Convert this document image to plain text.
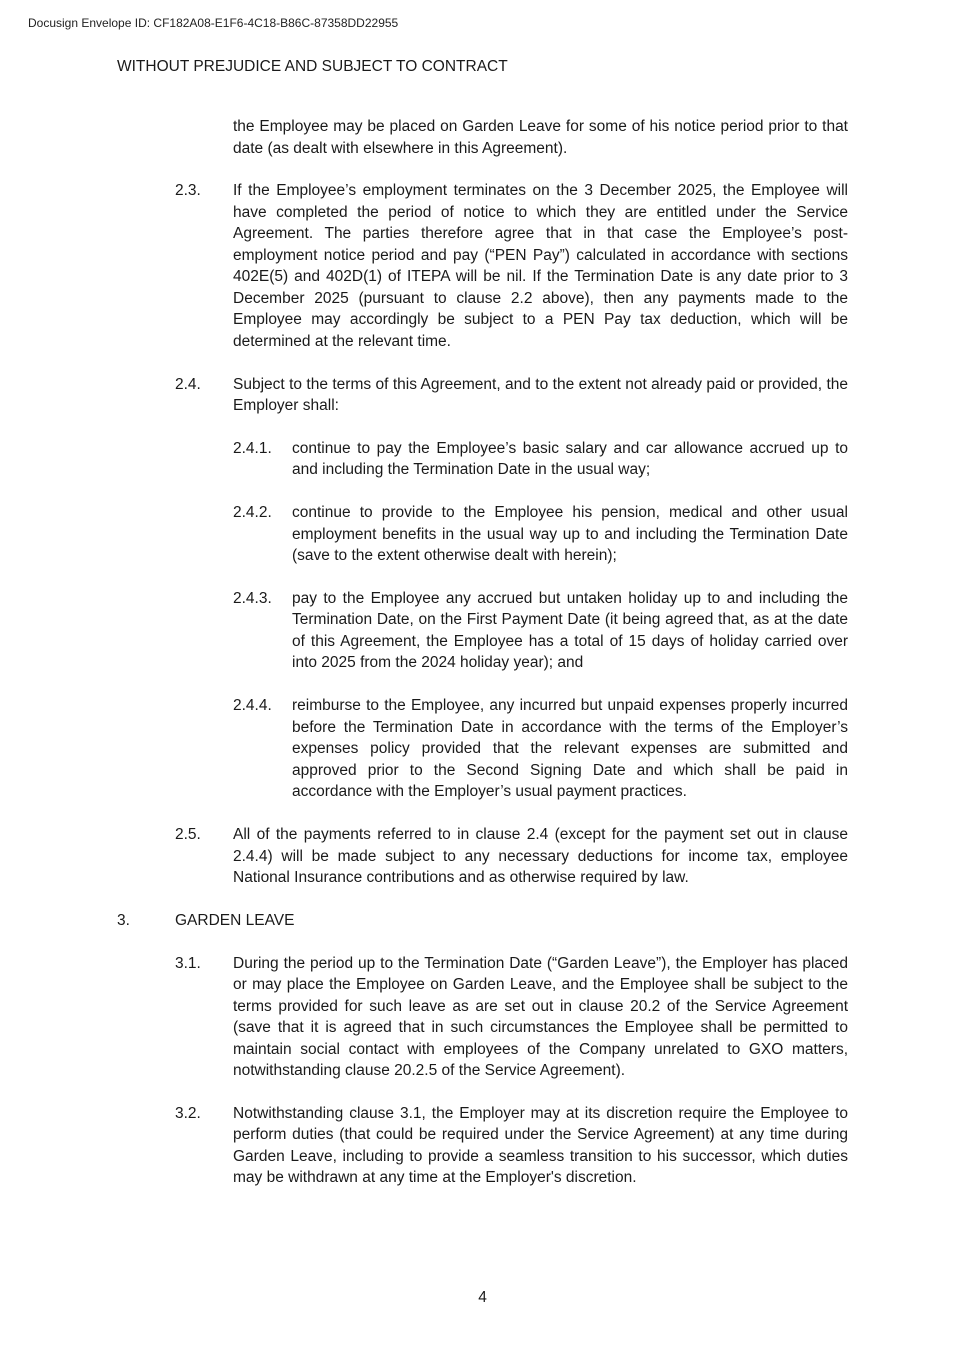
Docusign Envelope ID: CF182A08-E1F6-4C18-B86C-87358DD22955
WITHOUT PREJUDICE AND SUBJECT TO CONTRACT
the Employee may be placed on Garden Leave for some of his notice period prior to that date (as dealt with elsewhere in this Agreement).
2.3. If the Employee’s employment terminates on the 3 December 2025, the Employee will have completed the period of notice to which they are entitled under the Service Agreement. The parties therefore agree that in that case the Employee’s post-employment notice period and pay (“PEN Pay”) calculated in accordance with sections 402E(5) and 402D(1) of ITEPA will be nil. If the Termination Date is any date prior to 3 December 2025 (pursuant to clause 2.2 above), then any payments made to the Employee may accordingly be subject to a PEN Pay tax deduction, which will be determined at the relevant time.
2.4. Subject to the terms of this Agreement, and to the extent not already paid or provided, the Employer shall:
2.4.1. continue to pay the Employee’s basic salary and car allowance accrued up to and including the Termination Date in the usual way;
2.4.2. continue to provide to the Employee his pension, medical and other usual employment benefits in the usual way up to and including the Termination Date (save to the extent otherwise dealt with herein);
2.4.3. pay to the Employee any accrued but untaken holiday up to and including the Termination Date, on the First Payment Date (it being agreed that, as at the date of this Agreement, the Employee has a total of 15 days of holiday carried over into 2025 from the 2024 holiday year); and
2.4.4. reimburse to the Employee, any incurred but unpaid expenses properly incurred before the Termination Date in accordance with the terms of the Employer’s expenses policy provided that the relevant expenses are submitted and approved prior to the Second Signing Date and which shall be paid in accordance with the Employer’s usual payment practices.
2.5. All of the payments referred to in clause 2.4 (except for the payment set out in clause 2.4.4) will be made subject to any necessary deductions for income tax, employee National Insurance contributions and as otherwise required by law.
3.	GARDEN LEAVE
3.1. During the period up to the Termination Date (“Garden Leave”), the Employer has placed or may place the Employee on Garden Leave, and the Employee shall be subject to the terms provided for such leave as are set out in clause 20.2 of the Service Agreement (save that it is agreed that in such circumstances the Employee shall be permitted to maintain social contact with employees of the Company unrelated to GXO matters, notwithstanding clause 20.2.5 of the Service Agreement).
3.2. Notwithstanding clause 3.1, the Employer may at its discretion require the Employee to perform duties (that could be required under the Service Agreement) at any time during Garden Leave, including to provide a seamless transition to his successor, which duties may be withdrawn at any time at the Employer's discretion.
4
